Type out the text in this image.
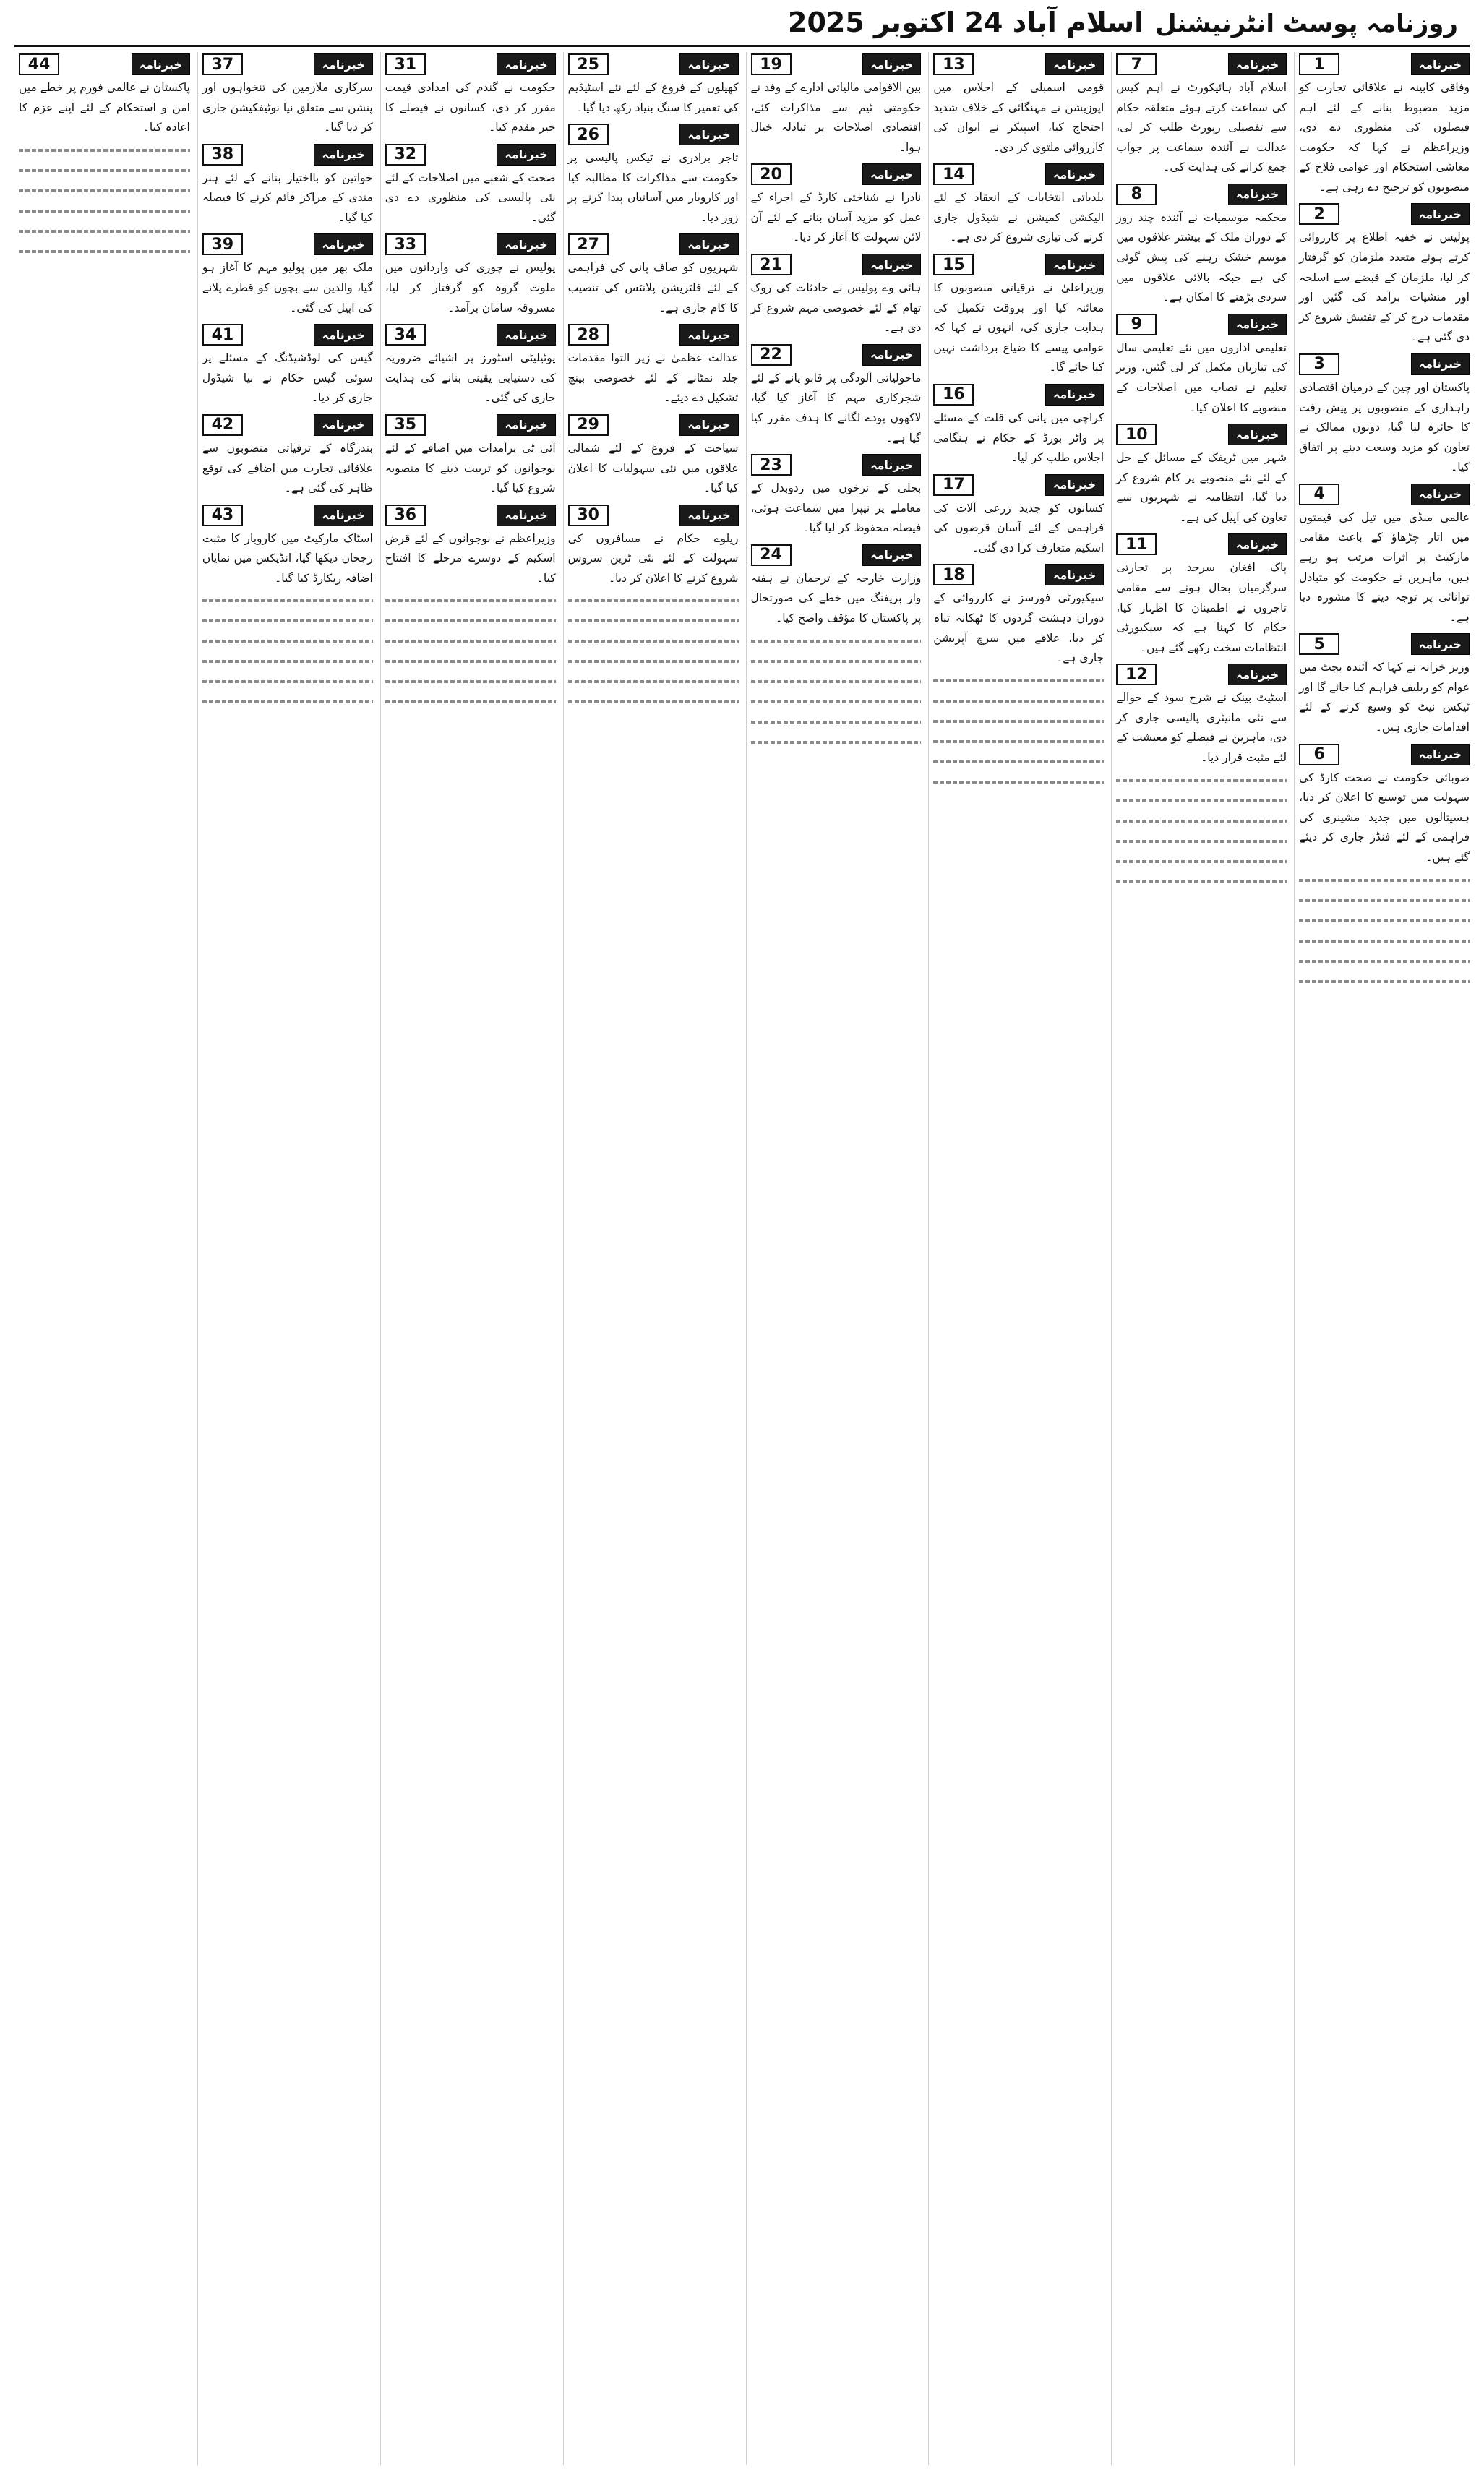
روزنامہ پوسٹ انٹرنیشنل
اسلام آباد 24 اکتوبر 2025
خبرنامہ
1
وفاقی کابینہ نے علاقائی تجارت کو مزید مضبوط بنانے کے لئے اہم فیصلوں کی منظوری دے دی، وزیراعظم نے کہا کہ حکومت معاشی استحکام اور عوامی فلاح کے منصوبوں کو ترجیح دے رہی ہے۔
خبرنامہ
2
پولیس نے خفیہ اطلاع پر کارروائی کرتے ہوئے متعدد ملزمان کو گرفتار کر لیا، ملزمان کے قبضے سے اسلحہ اور منشیات برآمد کی گئیں اور مقدمات درج کر کے تفتیش شروع کر دی گئی ہے۔
خبرنامہ
3
پاکستان اور چین کے درمیان اقتصادی راہداری کے منصوبوں پر پیش رفت کا جائزہ لیا گیا، دونوں ممالک نے تعاون کو مزید وسعت دینے پر اتفاق کیا۔
خبرنامہ
4
عالمی منڈی میں تیل کی قیمتوں میں اتار چڑھاؤ کے باعث مقامی مارکیٹ پر اثرات مرتب ہو رہے ہیں، ماہرین نے حکومت کو متبادل توانائی پر توجہ دینے کا مشورہ دیا ہے۔
خبرنامہ
5
وزیر خزانہ نے کہا کہ آئندہ بجٹ میں عوام کو ریلیف فراہم کیا جائے گا اور ٹیکس نیٹ کو وسیع کرنے کے لئے اقدامات جاری ہیں۔
خبرنامہ
6
صوبائی حکومت نے صحت کارڈ کی سہولت میں توسیع کا اعلان کر دیا، ہسپتالوں میں جدید مشینری کی فراہمی کے لئے فنڈز جاری کر دیئے گئے ہیں۔
خبرنامہ
7
اسلام آباد ہائیکورٹ نے اہم کیس کی سماعت کرتے ہوئے متعلقہ حکام سے تفصیلی رپورٹ طلب کر لی، عدالت نے آئندہ سماعت پر جواب جمع کرانے کی ہدایت کی۔
خبرنامہ
8
محکمہ موسمیات نے آئندہ چند روز کے دوران ملک کے بیشتر علاقوں میں موسم خشک رہنے کی پیش گوئی کی ہے جبکہ بالائی علاقوں میں سردی بڑھنے کا امکان ہے۔
خبرنامہ
9
تعلیمی اداروں میں نئے تعلیمی سال کی تیاریاں مکمل کر لی گئیں، وزیر تعلیم نے نصاب میں اصلاحات کے منصوبے کا اعلان کیا۔
خبرنامہ
10
شہر میں ٹریفک کے مسائل کے حل کے لئے نئے منصوبے پر کام شروع کر دیا گیا، انتظامیہ نے شہریوں سے تعاون کی اپیل کی ہے۔
خبرنامہ
11
پاک افغان سرحد پر تجارتی سرگرمیاں بحال ہونے سے مقامی تاجروں نے اطمینان کا اظہار کیا، حکام کا کہنا ہے کہ سیکیورٹی انتظامات سخت رکھے گئے ہیں۔
خبرنامہ
12
اسٹیٹ بینک نے شرح سود کے حوالے سے نئی مانیٹری پالیسی جاری کر دی، ماہرین نے فیصلے کو معیشت کے لئے مثبت قرار دیا۔
خبرنامہ
13
قومی اسمبلی کے اجلاس میں اپوزیشن نے مہنگائی کے خلاف شدید احتجاج کیا، اسپیکر نے ایوان کی کارروائی ملتوی کر دی۔
خبرنامہ
14
بلدیاتی انتخابات کے انعقاد کے لئے الیکشن کمیشن نے شیڈول جاری کرنے کی تیاری شروع کر دی ہے۔
خبرنامہ
15
وزیراعلیٰ نے ترقیاتی منصوبوں کا معائنہ کیا اور بروقت تکمیل کی ہدایت جاری کی، انہوں نے کہا کہ عوامی پیسے کا ضیاع برداشت نہیں کیا جائے گا۔
خبرنامہ
16
کراچی میں پانی کی قلت کے مسئلے پر واٹر بورڈ کے حکام نے ہنگامی اجلاس طلب کر لیا۔
خبرنامہ
17
کسانوں کو جدید زرعی آلات کی فراہمی کے لئے آسان قرضوں کی اسکیم متعارف کرا دی گئی۔
خبرنامہ
18
سیکیورٹی فورسز نے کارروائی کے دوران دہشت گردوں کا ٹھکانہ تباہ کر دیا، علاقے میں سرچ آپریشن جاری ہے۔
خبرنامہ
19
بین الاقوامی مالیاتی ادارے کے وفد نے حکومتی ٹیم سے مذاکرات کئے، اقتصادی اصلاحات پر تبادلہ خیال ہوا۔
خبرنامہ
20
نادرا نے شناختی کارڈ کے اجراء کے عمل کو مزید آسان بنانے کے لئے آن لائن سہولت کا آغاز کر دیا۔
خبرنامہ
21
ہائی وے پولیس نے حادثات کی روک تھام کے لئے خصوصی مہم شروع کر دی ہے۔
خبرنامہ
22
ماحولیاتی آلودگی پر قابو پانے کے لئے شجرکاری مہم کا آغاز کیا گیا، لاکھوں پودے لگانے کا ہدف مقرر کیا گیا ہے۔
خبرنامہ
23
بجلی کے نرخوں میں ردوبدل کے معاملے پر نیپرا میں سماعت ہوئی، فیصلہ محفوظ کر لیا گیا۔
خبرنامہ
24
وزارت خارجہ کے ترجمان نے ہفتہ وار بریفنگ میں خطے کی صورتحال پر پاکستان کا مؤقف واضح کیا۔
خبرنامہ
25
کھیلوں کے فروغ کے لئے نئے اسٹیڈیم کی تعمیر کا سنگ بنیاد رکھ دیا گیا۔
خبرنامہ
26
تاجر برادری نے ٹیکس پالیسی پر حکومت سے مذاکرات کا مطالبہ کیا اور کاروبار میں آسانیاں پیدا کرنے پر زور دیا۔
خبرنامہ
27
شہریوں کو صاف پانی کی فراہمی کے لئے فلٹریشن پلانٹس کی تنصیب کا کام جاری ہے۔
خبرنامہ
28
عدالت عظمیٰ نے زیر التوا مقدمات جلد نمٹانے کے لئے خصوصی بینچ تشکیل دے دیئے۔
خبرنامہ
29
سیاحت کے فروغ کے لئے شمالی علاقوں میں نئی سہولیات کا اعلان کیا گیا۔
خبرنامہ
30
ریلوے حکام نے مسافروں کی سہولت کے لئے نئی ٹرین سروس شروع کرنے کا اعلان کر دیا۔
خبرنامہ
31
حکومت نے گندم کی امدادی قیمت مقرر کر دی، کسانوں نے فیصلے کا خیر مقدم کیا۔
خبرنامہ
32
صحت کے شعبے میں اصلاحات کے لئے نئی پالیسی کی منظوری دے دی گئی۔
خبرنامہ
33
پولیس نے چوری کی وارداتوں میں ملوث گروہ کو گرفتار کر لیا، مسروقہ سامان برآمد۔
خبرنامہ
34
یوٹیلیٹی اسٹورز پر اشیائے ضروریہ کی دستیابی یقینی بنانے کی ہدایت جاری کی گئی۔
خبرنامہ
35
آئی ٹی برآمدات میں اضافے کے لئے نوجوانوں کو تربیت دینے کا منصوبہ شروع کیا گیا۔
خبرنامہ
36
وزیراعظم نے نوجوانوں کے لئے قرض اسکیم کے دوسرے مرحلے کا افتتاح کیا۔
خبرنامہ
37
سرکاری ملازمین کی تنخواہوں اور پنشن سے متعلق نیا نوٹیفکیشن جاری کر دیا گیا۔
خبرنامہ
38
خواتین کو بااختیار بنانے کے لئے ہنر مندی کے مراکز قائم کرنے کا فیصلہ کیا گیا۔
خبرنامہ
39
ملک بھر میں پولیو مہم کا آغاز ہو گیا، والدین سے بچوں کو قطرے پلانے کی اپیل کی گئی۔
خبرنامہ
41
گیس کی لوڈشیڈنگ کے مسئلے پر سوئی گیس حکام نے نیا شیڈول جاری کر دیا۔
خبرنامہ
42
بندرگاہ کے ترقیاتی منصوبوں سے علاقائی تجارت میں اضافے کی توقع ظاہر کی گئی ہے۔
خبرنامہ
43
اسٹاک مارکیٹ میں کاروبار کا مثبت رجحان دیکھا گیا، انڈیکس میں نمایاں اضافہ ریکارڈ کیا گیا۔
خبرنامہ
44
پاکستان نے عالمی فورم پر خطے میں امن و استحکام کے لئے اپنے عزم کا اعادہ کیا۔
